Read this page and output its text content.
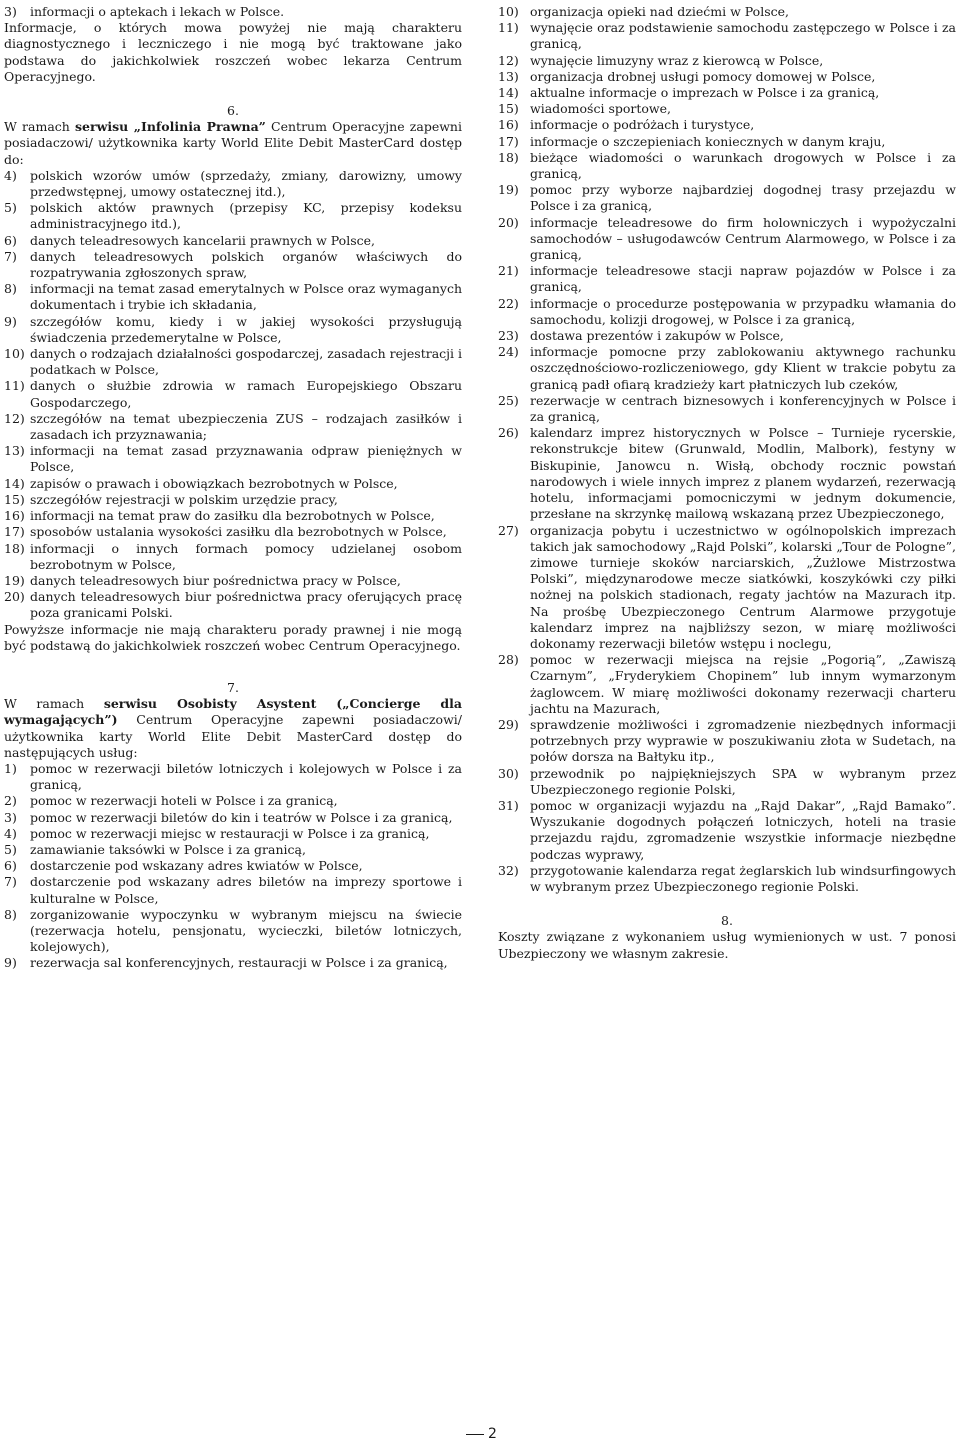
3)	informacji o aptekach i lekach w Polsce.

Informacje, o których mowa powyżej nie mają charakteru diagnostycznego i leczniczego i nie mogą być traktowane jako podstawa do jakichkolwiek roszczeń wobec lekarza Centrum Operacyjnego.

6.

W ramach serwisu „Infolinia Prawna” Centrum Operacyjne zapewni posiadaczowi/ użytkownika karty World Elite Debit MasterCard dostęp do:

4)	polskich wzorów umów (sprzedaży, zmiany, darowizny, umowy przedwstępnej, umowy ostatecznej itd.),
5)	polskich aktów prawnych (przepisy KC, przepisy kodeksu administracyjnego itd.),
6)	danych teleadresowych kancelarii prawnych w Polsce,
7)	danych teleadresowych polskich organów właściwych do rozpatrywania zgłoszonych spraw,
8)	informacji na temat zasad emerytalnych w Polsce oraz wymaganych dokumentach i trybie ich składania,
9)	szczegółów komu, kiedy i w jakiej wysokości przysługują świadczenia przedemerytalne w Polsce,
10) danych o rodzajach działalności gospodarczej, zasadach rejestracji i podatkach w Polsce,
11) danych o służbie zdrowia w ramach Europejskiego Obszaru Gospodarczego,
12) szczegółów na temat ubezpieczenia ZUS – rodzajach zasiłków i zasadach ich przyznawania;
13) informacji na temat zasad przyznawania odpraw pieniężnych w Polsce,
14) zapisów o prawach i obowiązkach bezrobotnych w Polsce,
15) szczegółów rejestracji w polskim urzędzie pracy,
16) informacji na temat praw do zasiłku dla bezrobotnych w Polsce,
17) sposobów ustalania wysokości zasiłku dla bezrobotnych w Polsce,
18) informacji o innych formach pomocy udzielanej osobom bezrobotnym w Polsce,
19) danych teleadresowych biur pośrednictwa pracy w Polsce,
20) danych teleadresowych biur pośrednictwa pracy oferujących pracę poza granicami Polski.

Powyższe informacje nie mają charakteru porady prawnej i nie mogą być podstawą do jakichkolwiek roszczeń wobec Centrum Operacyjnego.

7.

W ramach serwisu Osobisty Asystent („Concierge dla wymagających”) Centrum Operacyjne zapewni posiadaczowi/ użytkownika karty World Elite Debit MasterCard dostęp do następujących usług:

1)	pomoc w rezerwacji biletów lotniczych i kolejowych w Polsce i za granicą,
2)	pomoc w rezerwacji hoteli w Polsce i za granicą,
3)	pomoc w rezerwacji biletów do kin i teatrów w Polsce i za granicą,
4)	pomoc w rezerwacji miejsc w restauracji w Polsce i za granicą,
5)	zamawianie taksówki w Polsce i za granicą,
6)	dostarczenie pod wskazany adres kwiatów w Polsce,
7)	dostarczenie pod wskazany adres biletów na imprezy sportowe i kulturalne w Polsce,
8)	zorganizowanie wypoczynku w wybranym miejscu na świecie (rezerwacja hotelu, pensjonatu, wycieczki, biletów lotniczych, kolejowych),
9)	rezerwacja sal konferencyjnych, restauracji w Polsce i za granicą,
10) organizacja opieki nad dziećmi w Polsce,
11) wynajęcie oraz podstawienie samochodu zastępczego w Polsce i za granicą,
12) wynajęcie limuzyny wraz z kierowcą w Polsce,
13) organizacja drobnej usługi pomocy domowej w Polsce,
14) aktualne informacje o imprezach w Polsce i za granicą,
15) wiadomości sportowe,
16) informacje o podróżach i turystyce,
17) informacje o szczepieniach koniecznych w danym kraju,
18) bieżące wiadomości o warunkach drogowych w Polsce i za granicą,
19) pomoc przy wyborze najbardziej dogodnej trasy przejazdu w Polsce i za granicą,
20) informacje teleadresowe do firm holowniczych i wypożyczalni samochodów – usługodawców Centrum Alarmowego, w Polsce i za granicą,
21) informacje teleadresowe stacji napraw pojazdów w Polsce i za granicą,
22) informacje o procedurze postępowania w przypadku włamania do samochodu, kolizji drogowej, w Polsce i za granicą,
23) dostawa prezentów i zakupów w Polsce,
24) informacje pomocne przy zablokowaniu aktywnego rachunku oszczędnościowo-rozliczeniowego, gdy Klient w trakcie pobytu za granicą padł ofiarą kradzieży kart płatniczych lub czeków,
25) rezerwacje w centrach biznesowych i konferencyjnych w Polsce i za granicą,
26) kalendarz imprez historycznych w Polsce – Turnieje rycerskie, rekonstrukcje bitew (Grunwald, Modlin, Malbork), festyny w Biskupinie, Janowcu n. Wisłą, obchody rocznic powstań narodowych i wiele innych imprez z planem wydarzeń, rezerwacją hotelu, informacjami pomocniczymi w jednym dokumencie, przesłane na skrzynkę mailową wskazaną przez Ubezpieczonego,
27) organizacja pobytu i uczestnictwo w ogólnopolskich imprezach takich jak samochodowy „Rajd Polski”, kolarski „Tour de Pologne”, zimowe turnieje skoków narciarskich, „Żużlowe Mistrzostwa Polski”, międzynarodowe mecze siatkówki, koszykówki czy piłki nożnej na polskich stadionach, regaty jachtów na Mazurach itp. Na prośbę Ubezpieczonego Centrum Alarmowe przygotuje kalendarz imprez na najbliższy sezon, w miarę możliwości dokonamy rezerwacji biletów wstępu i noclegu,
28) pomoc w rezerwacji miejsca na rejsie „Pogorią”, „Zawiszą Czarnym”, „Fryderykiem Chopinem” lub innym wymarzonym żaglowcem. W miarę możliwości dokonamy rezerwacji charteru jachtu na Mazurach,
29) sprawdzenie możliwości i zgromadzenie niezbędnych informacji potrzebnych przy wyprawie w poszukiwaniu złota w Sudetach, na połów dorsza na Bałtyku itp.,
30) przewodnik po najpiękniejszych SPA w wybranym przez Ubezpieczonego regionie Polski,
31) pomoc w organizacji wyjazdu na „Rajd Dakar”, „Rajd Bamako”. Wyszukanie dogodnych połączeń lotniczych, hoteli na trasie przejazdu rajdu, zgromadzenie wszystkie informacje niezbędne podczas wyprawy,
32) przygotowanie kalendarza regat żeglarskich lub windsurfingowych w wybranym przez Ubezpieczonego regionie Polski.
8.

Koszty związane z wykonaniem usług wymienionych w ust. 7 ponosi Ubezpieczony we własnym zakresie.

2
